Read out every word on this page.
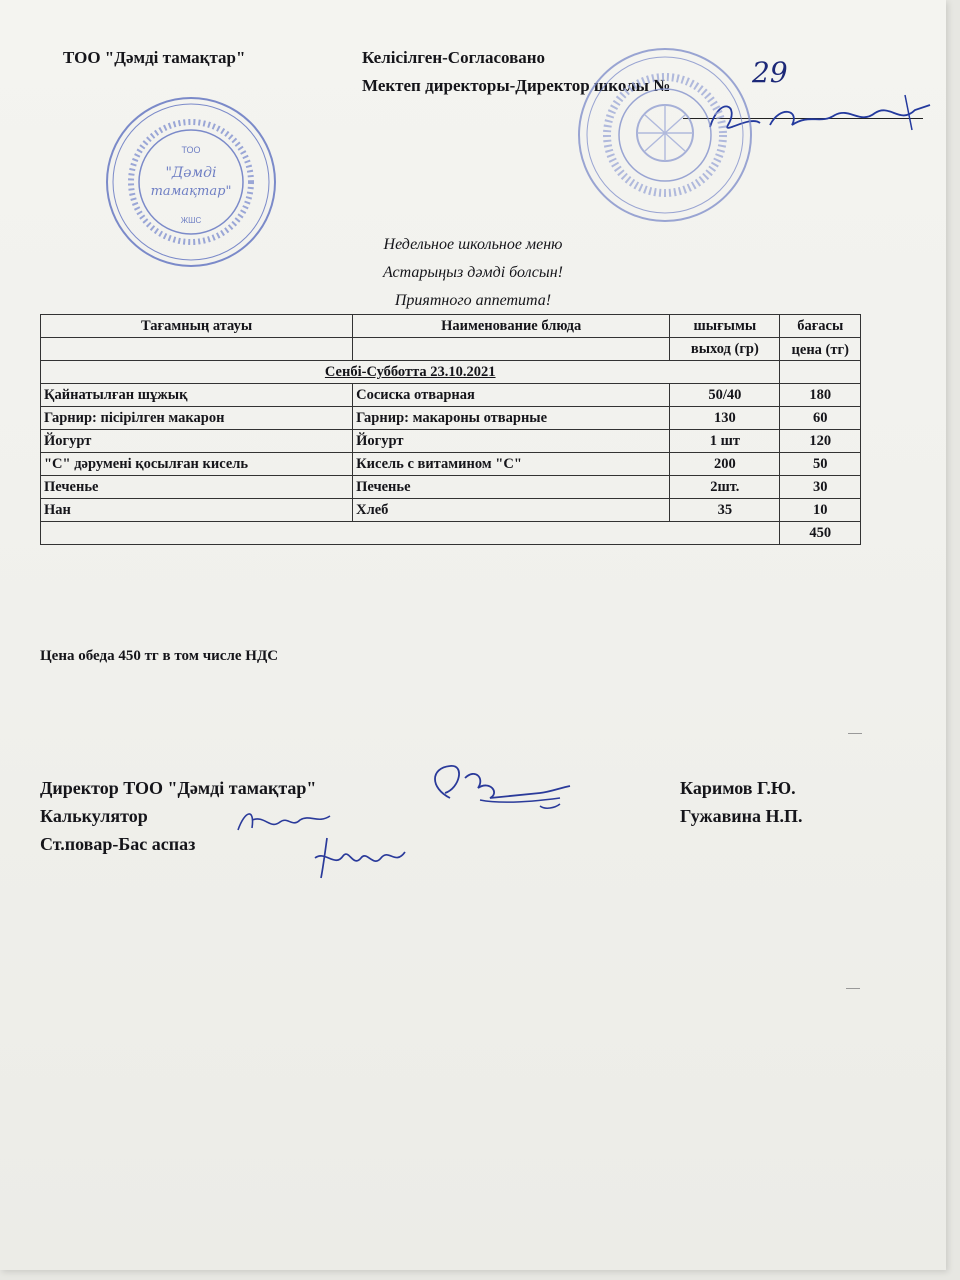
ТОО "Дәмді тамақтар"	Келісілген-Согласовано
Мектеп директоры-Директор школы №	29
ТОО
"Дәмді
тамақтар"
ЖШС
Недельное школьное меню
Астарыңыз дәмді болсын!
Приятного аппетита!
Тағамның атауы	Наименование блюда	шығымы	бағасы
		выход (гр)	цена (тг)
Сенбі-Субботта 23.10.2021			
Қайнатылған шұжық	Сосиска отварная	50/40	180
Гарнир: пісірілген макарон	Гарнир: макароны отварные	130	60
Йогурт	Йогурт	1 шт	120
"С" дәрумені қосылған кисель	Кисель с витамином "С"	200	50
Печенье	Печенье	2шт.	30
Нан	Хлеб	35	10
			450
Цена обеда 450 тг в том числе НДС
Директор ТОО "Дәмді тамақтар"
Калькулятор
Ст.повар-Бас аспаз
Каримов Г.Ю.
Гужавина Н.П.
